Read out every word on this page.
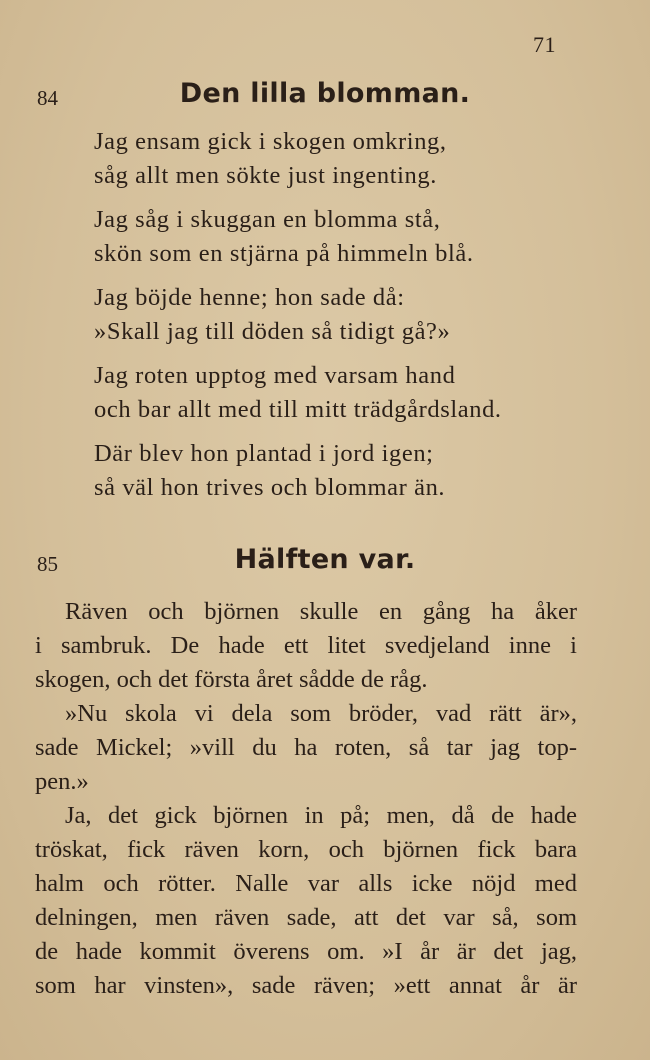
71
84	Den lilla blomman.
Jag ensam gick i skogen omkring,
såg allt men sökte just ingenting.
Jag såg i skuggan en blomma stå,
skön som en stjärna på himmeln blå.
Jag böjde henne; hon sade då:
»Skall jag till döden så tidigt gå?»
Jag roten upptog med varsam hand
och bar allt med till mitt trädgårdsland.
Där blev hon plantad i jord igen;
så väl hon trives och blommar än.
85	Hälften var.
Räven och björnen skulle en gång ha åker
i sambruk. De hade ett litet svedjeland inne i
skogen, och det första året sådde de råg.
»Nu skola vi dela som bröder, vad rätt är»,
sade Mickel; »vill du ha roten, så tar jag top-
pen.»
Ja, det gick björnen in på; men, då de hade
tröskat, fick räven korn, och björnen fick bara
halm och rötter. Nalle var alls icke nöjd med
delningen, men räven sade, att det var så, som
de hade kommit överens om. »I år är det jag,
som har vinsten», sade räven; »ett annat år är
